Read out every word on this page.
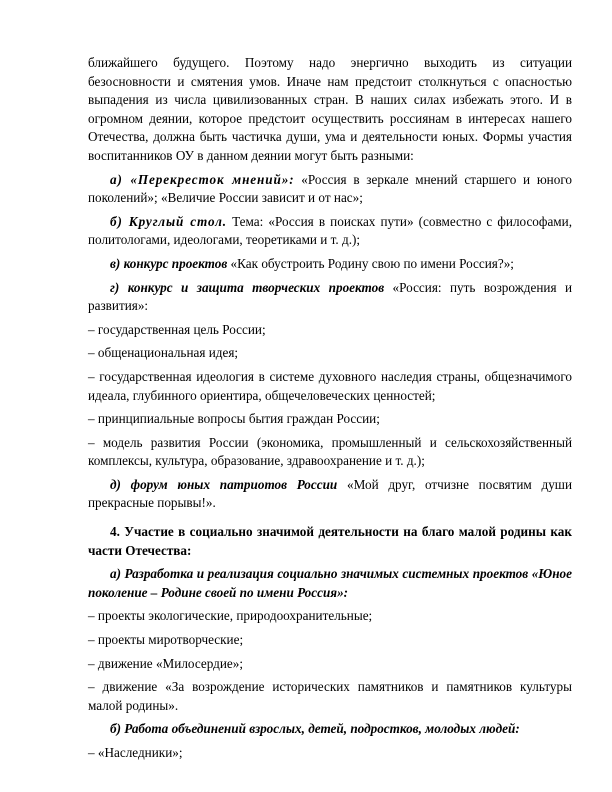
ближайшего будущего. Поэтому надо энергично выходить из ситуации безосновности и смятения умов. Иначе нам предстоит столкнуться с опасностью выпадения из числа цивилизованных стран. В наших силах избежать этого. И в огромном деянии, которое предстоит осуществить россиянам в интересах нашего Отечества, должна быть частичка души, ума и деятельности юных. Формы участия воспитанников ОУ в данном деянии могут быть разными:

а) «Перекресток мнений»: «Россия в зеркале мнений старшего и юного поколений»; «Величие России зависит и от нас»;

б) Круглый стол. Тема: «Россия в поисках пути» (совместно с философами, политологами, идеологами, теоретиками и т. д.);

в) конкурс проектов «Как обустроить Родину свою по имени Россия?»;

г) конкурс и защита творческих проектов «Россия: путь возрождения и развития»:

– государственная цель России;

– общенациональная идея;

– государственная идеология в системе духовного наследия страны, общезначимого идеала, глубинного ориентира, общечеловеческих ценностей;

– принципиальные вопросы бытия граждан России;

– модель развития России (экономика, промышленный и сельскохозяйственный комплексы, культура, образование, здравоохранение и т. д.);

д) форум юных патриотов России «Мой друг, отчизне посвятим души прекрасные порывы!».

4. Участие в социально значимой деятельности на благо малой родины как части Отечества:

а) Разработка и реализация социально значимых системных проектов «Юное поколение – Родине своей по имени Россия»:

– проекты экологические, природоохранительные;

– проекты миротворческие;

– движение «Милосердие»;

– движение «За возрождение исторических памятников и памятников культуры малой родины».

б) Работа объединений взрослых, детей, подростков, молодых людей:

– «Наследники»;
